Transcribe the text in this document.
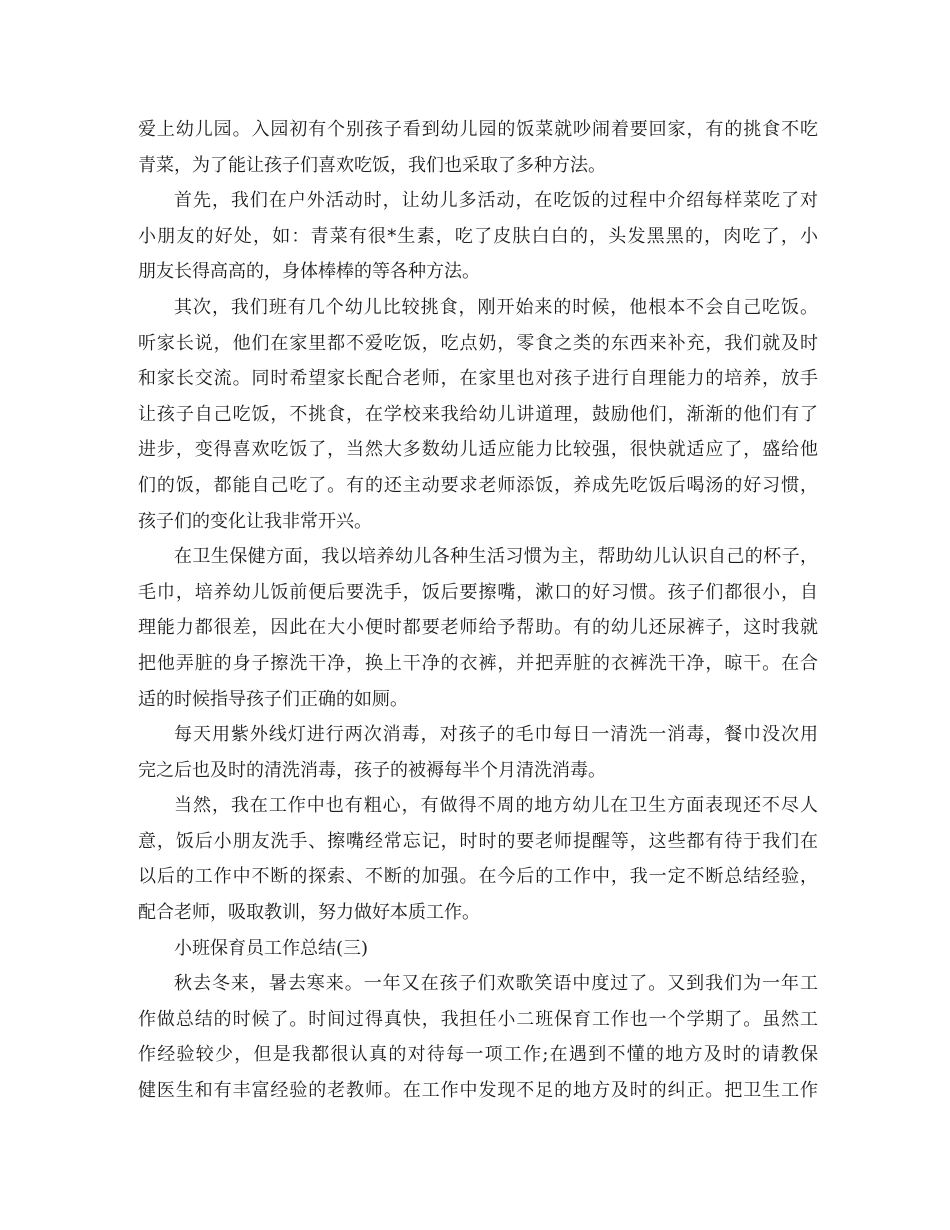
爱上幼儿园。入园初有个别孩子看到幼儿园的饭菜就吵闹着要回家，有的挑食不吃
青菜，为了能让孩子们喜欢吃饭，我们也采取了多种方法。
首先，我们在户外活动时，让幼儿多活动，在吃饭的过程中介绍每样菜吃了对
小朋友的好处，如：青菜有很*生素，吃了皮肤白白的，头发黑黑的，肉吃了，小
朋友长得高高的，身体棒棒的等各种方法。
其次，我们班有几个幼儿比较挑食，刚开始来的时候，他根本不会自己吃饭。
听家长说，他们在家里都不爱吃饭，吃点奶，零食之类的东西来补充，我们就及时
和家长交流。同时希望家长配合老师，在家里也对孩子进行自理能力的培养，放手
让孩子自己吃饭，不挑食，在学校来我给幼儿讲道理，鼓励他们，渐渐的他们有了
进步，变得喜欢吃饭了，当然大多数幼儿适应能力比较强，很快就适应了，盛给他
们的饭，都能自己吃了。有的还主动要求老师添饭，养成先吃饭后喝汤的好习惯，
孩子们的变化让我非常开兴。
在卫生保健方面，我以培养幼儿各种生活习惯为主，帮助幼儿认识自己的杯子，
毛巾，培养幼儿饭前便后要洗手，饭后要擦嘴，漱口的好习惯。孩子们都很小，自
理能力都很差，因此在大小便时都要老师给予帮助。有的幼儿还尿裤子，这时我就
把他弄脏的身子擦洗干净，换上干净的衣裤，并把弄脏的衣裤洗干净，晾干。在合
适的时候指导孩子们正确的如厕。
每天用紫外线灯进行两次消毒，对孩子的毛巾每日一清洗一消毒，餐巾没次用
完之后也及时的清洗消毒，孩子的被褥每半个月清洗消毒。
当然，我在工作中也有粗心，有做得不周的地方幼儿在卫生方面表现还不尽人
意，饭后小朋友洗手、擦嘴经常忘记，时时的要老师提醒等，这些都有待于我们在
以后的工作中不断的探索、不断的加强。在今后的工作中，我一定不断总结经验，
配合老师，吸取教训，努力做好本质工作。
小班保育员工作总结(三)
秋去冬来，暑去寒来。一年又在孩子们欢歌笑语中度过了。又到我们为一年工
作做总结的时候了。时间过得真快，我担任小二班保育工作也一个学期了。虽然工
作经验较少，但是我都很认真的对待每一项工作;在遇到不懂的地方及时的请教保
健医生和有丰富经验的老教师。在工作中发现不足的地方及时的纠正。把卫生工作
